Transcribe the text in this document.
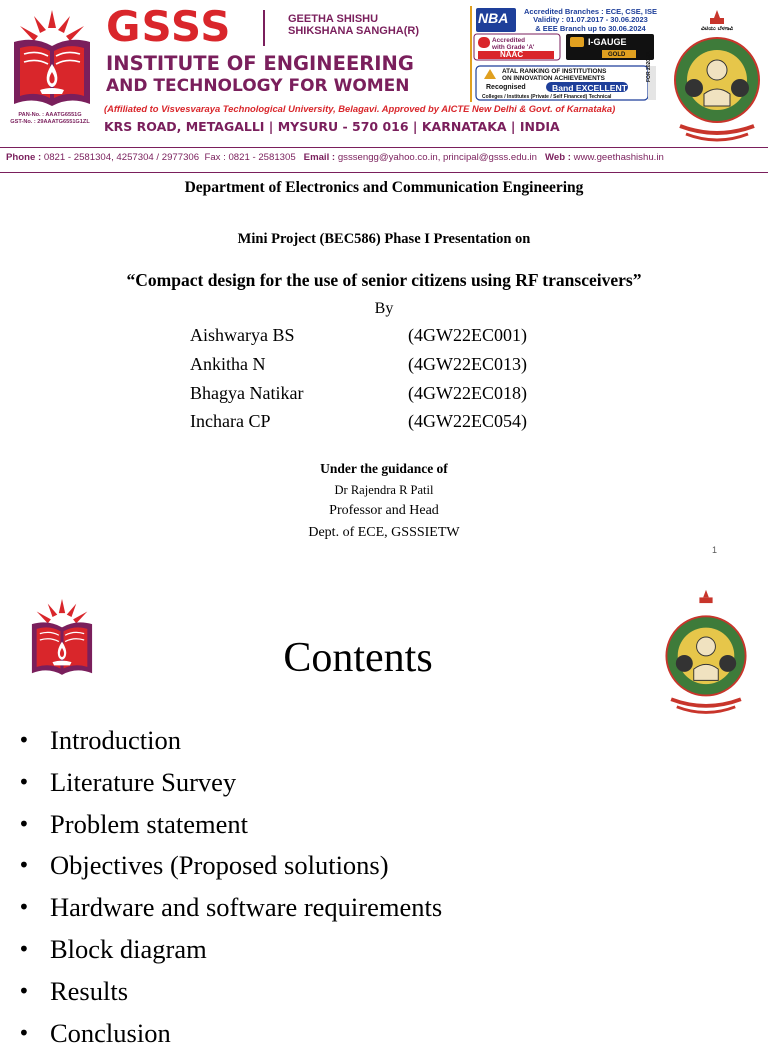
PAN-No. : AAATG6551G
GST-No. : 29AAATG6551G1ZL
GSSS	GEETHA SHISHU
SHIKSHANA SANGHA(R)
INSTITUTE OF ENGINEERING
AND TECHNOLOGY FOR WOMEN
(Affiliated to Visvesvaraya Technological University, Belagavi. Approved by AICTE New Delhi & Govt. of Karnataka)
KRS ROAD, METAGALLI | MYSURU - 570 016 | KARNATAKA | INDIA
NBA	Accredited Branches : ECE, CSE, ISE
Validity : 01.07.2017 - 30.06.2023
& EEE Branch up to 30.06.2024
Accredited
with Grade 'A'
NAAC
I-GAUGE
GOLD
ATAL RANKING OF INSTITUTIONS
ON INNOVATION ACHIEVEMENTS
Recognised	Band EXCELLENT
Colleges / Institutes (Private / Self Financed) Technical
FOR 2020-21
ವಿಟಿಯು ಬೆಳಗಾವಿ
Phone : 0821 - 2581304, 4257304 / 2977306 Fax : 0821 - 2581305 Email : gsssengg@yahoo.co.in, principal@gsss.edu.in Web : www.geethashishu.in
Department of Electronics and Communication Engineering
Mini Project (BEC586) Phase I Presentation on
“Compact design for the use of senior citizens using RF transceivers”
By
Aishwarya BS	(4GW22EC001)
Ankitha N	(4GW22EC013)
Bhagya Natikar	(4GW22EC018)
Inchara CP	(4GW22EC054)
Under the guidance of
Dr Rajendra R Patil
Professor and Head
Dept. of ECE, GSSSIETW
1
Contents
• Introduction
• Literature Survey
• Problem statement
• Objectives (Proposed solutions)
• Hardware and software requirements
• Block diagram
• Results
• Conclusion
